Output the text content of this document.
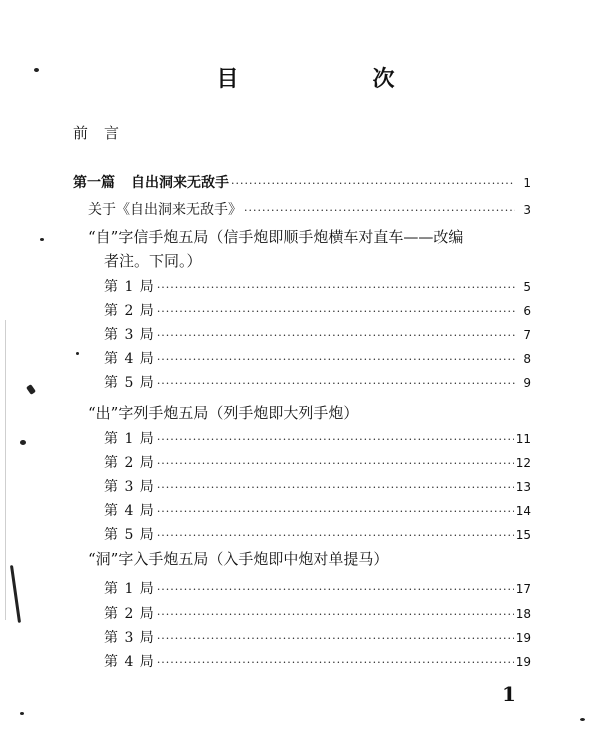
目　次
前言
第一篇 自出洞来无敌手 ·····	1
关于《自出洞来无敌手》 ·····	3
“自”字信手炮五局（信手炮即顺手炮横车对直车——改编
者注。下同。）
第 1 局 ·····	5
第 2 局 ·····	6
第 3 局 ·····	7
第 4 局 ·····	8
第 5 局 ·····	9
“出”字列手炮五局（列手炮即大列手炮）
第 1 局 ·····	11
第 2 局 ·····	12
第 3 局 ·····	13
第 4 局 ·····	14
第 5 局 ·····	15
“洞”字入手炮五局（入手炮即中炮对单提马）
第 1 局 ·····	17
第 2 局 ·····	18
第 3 局 ·····	19
第 4 局 ·····	19
1
